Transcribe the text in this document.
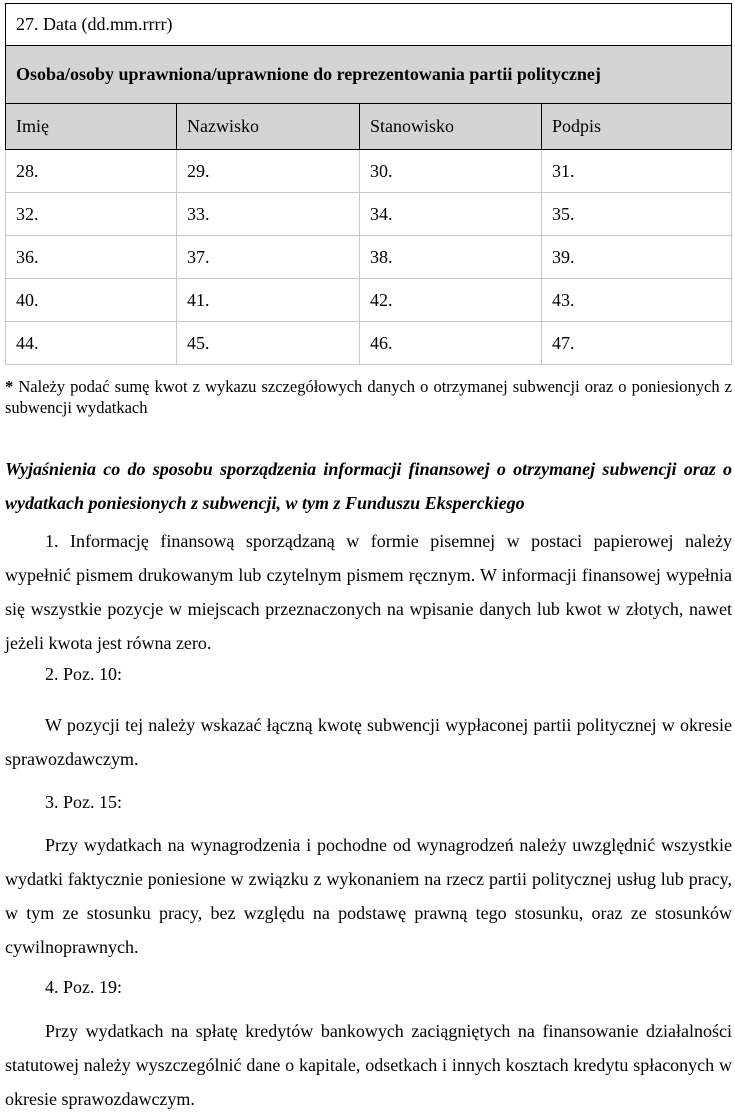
27. Data (dd.mm.rrrr)			
Osoba/osoby uprawniona/uprawnione do reprezentowania partii politycznej			
Imię	Nazwisko	Stanowisko	Podpis
28.	29.	30.	31.
32.	33.	34.	35.
36.	37.	38.	39.
40.	41.	42.	43.
44.	45.	46.	47.
* Należy podać sumę kwot z wykazu szczegółowych danych o otrzymanej subwencji oraz o poniesionych z subwencji wydatkach
Wyjaśnienia co do sposobu sporządzenia informacji finansowej o otrzymanej subwencji oraz o wydatkach poniesionych z subwencji, w tym z Funduszu Eksperckiego

1. Informację finansową sporządzaną w formie pisemnej w postaci papierowej należy wypełnić pismem drukowanym lub czytelnym pismem ręcznym. W informacji finansowej wypełnia się wszystkie pozycje w miejscach przeznaczonych na wpisanie danych lub kwot w złotych, nawet jeżeli kwota jest równa zero.

2. Poz. 10:

W pozycji tej należy wskazać łączną kwotę subwencji wypłaconej partii politycznej w okresie sprawozdawczym.

3. Poz. 15:

Przy wydatkach na wynagrodzenia i pochodne od wynagrodzeń należy uwzględnić wszystkie wydatki faktycznie poniesione w związku z wykonaniem na rzecz partii politycznej usług lub pracy, w tym ze stosunku pracy, bez względu na podstawę prawną tego stosunku, oraz ze stosunków cywilnoprawnych.

4. Poz. 19:

Przy wydatkach na spłatę kredytów bankowych zaciągniętych na finansowanie działalności statutowej należy wyszczególnić dane o kapitale, odsetkach i innych kosztach kredytu spłaconych w okresie sprawozdawczym.
